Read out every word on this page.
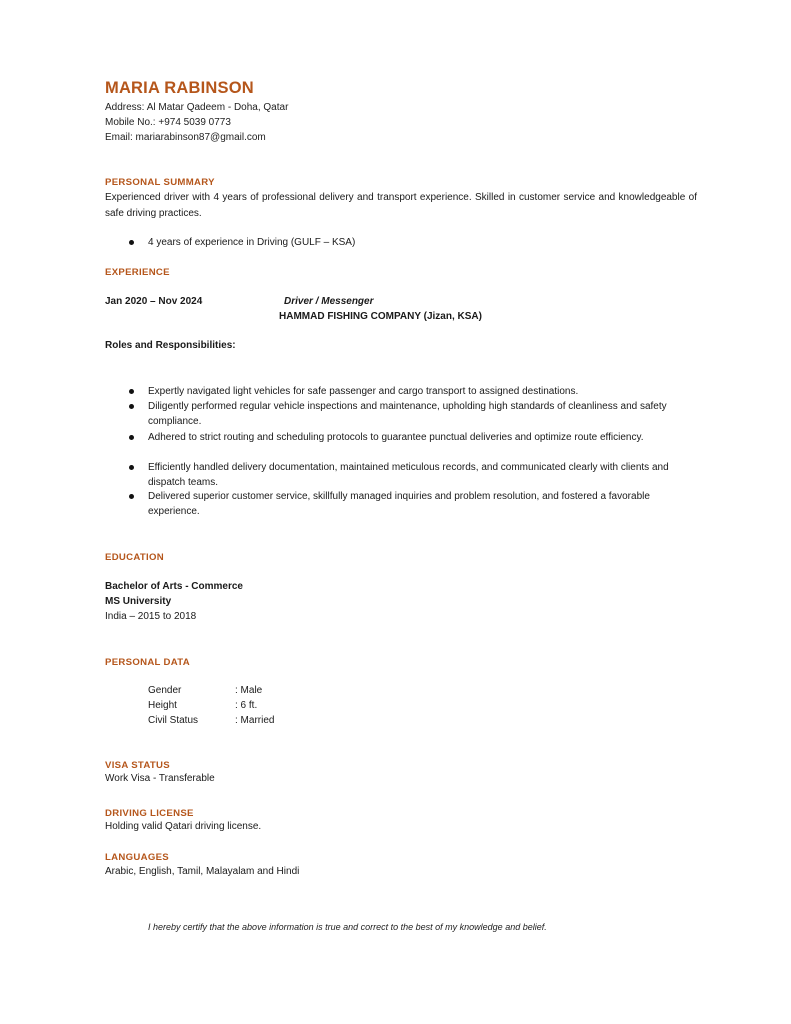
MARIA RABINSON
Address: Al Matar Qadeem - Doha, Qatar
Mobile No.: +974 5039 0773
Email: mariarabinson87@gmail.com
PERSONAL SUMMARY
Experienced driver with 4 years of professional delivery and transport experience. Skilled in customer service and knowledgeable of safe driving practices.
4 years of experience in Driving (GULF – KSA)
EXPERIENCE
Jan 2020 – Nov 2024	Driver / Messenger
HAMMAD FISHING COMPANY (Jizan, KSA)
Roles and Responsibilities:
Expertly navigated light vehicles for safe passenger and cargo transport to assigned destinations.
Diligently performed regular vehicle inspections and maintenance, upholding high standards of cleanliness and safety compliance.
Adhered to strict routing and scheduling protocols to guarantee punctual deliveries and optimize route efficiency.
Efficiently handled delivery documentation, maintained meticulous records, and communicated clearly with clients and dispatch teams.
Delivered superior customer service, skillfully managed inquiries and problem resolution, and fostered a favorable experience.
EDUCATION
Bachelor of Arts - Commerce
MS University
India – 2015 to 2018
PERSONAL DATA
Gender	: Male
Height	: 6 ft.
Civil Status	: Married
VISA STATUS
Work Visa - Transferable
DRIVING LICENSE
Holding valid Qatari driving license.
LANGUAGES
Arabic, English, Tamil, Malayalam and Hindi
I hereby certify that the above information is true and correct to the best of my knowledge and belief.
